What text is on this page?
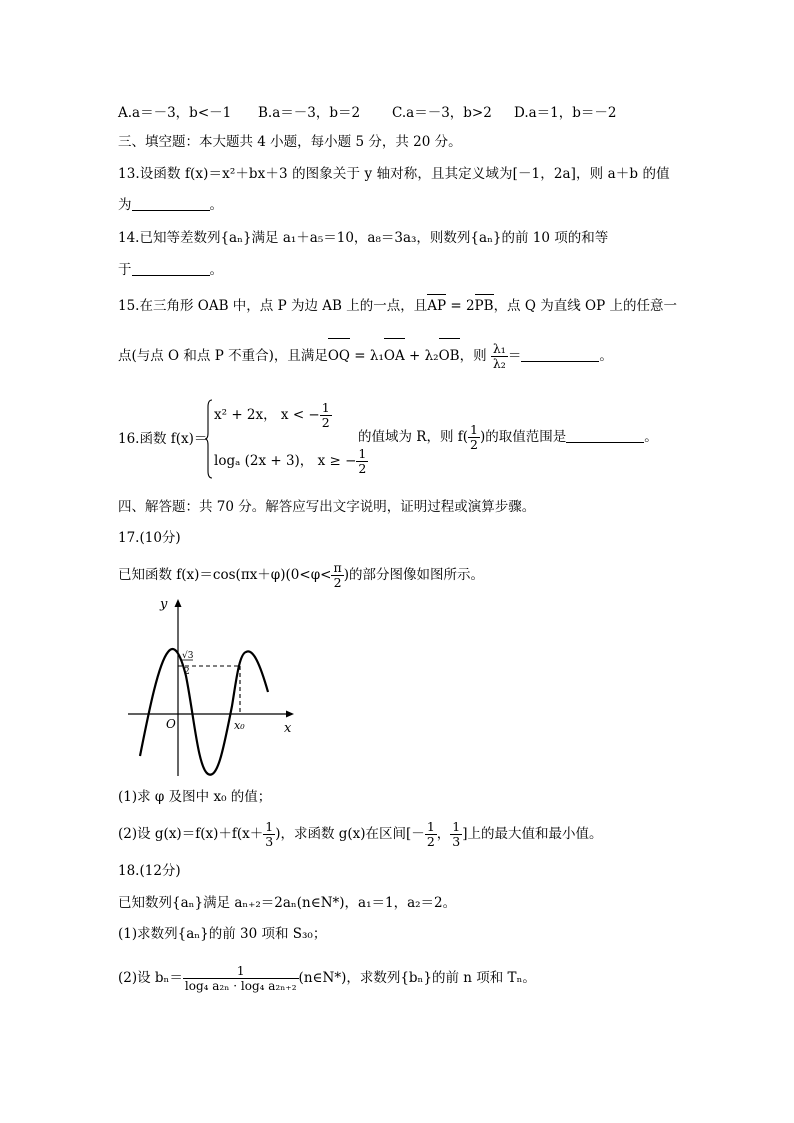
A.a＝－3，b<－1 B.a＝－3，b＝2 C.a＝－3，b>2 D.a＝1，b＝－2
三、填空题：本大题共 4 小题，每小题 5 分，共 20 分。
13.设函数 f(x)＝x²＋bx＋3 的图象关于 y 轴对称，且其定义域为[－1，2a]，则 a＋b 的值
为	。
14.已知等差数列{aₙ}满足 a₁＋a₅＝10，a₈＝3a₃，则数列{aₙ}的前 10 项的和等
于	。
15.在三角形 OAB 中，点 P 为边 AB 上的一点，且AP = 2PB，点 Q 为直线 OP 上的任意一
点(与点 O 和点 P 不重合)，且满足OQ = λ₁OA + λ₂OB，则 $\frac{\text{λ₁}}{\text{λ₂}}$ ＝	。
16.函数 f(x)＝
x² + 2x， x < − $\frac{1}{2}$
logₐ (2x + 3)， x ≥ − $\frac{1}{2}$
的值域为 R，则 $f( \frac{1}{2}$ )的取值范围是	。
四、解答题：共 70 分。解答应写出文字说明，证明过程或演算步骤。
17.(10分)
已知函数 $f(x)=\cos(\pi x+\varphi)(0<\varphi< \frac{\pi}{2}$ )的部分图像如图所示。
y
x
O	x₀
√3
2
(1)求 φ 及图中 x₀ 的值；
(2)设 $g(x)=f(x)+f(x+ \frac{1}{3}$ )，求函数 g(x)在区间[－ $\frac{1}{2}$ ， $\frac{1}{3}$ ]上的最大值和最小值。
18.(12分)
已知数列{aₙ}满足 aₙ₊₂＝2aₙ(n∈N*)，a₁＝1，a₂＝2。
(1)求数列{aₙ}的前 30 项和 S₃₀；
(2)设 $b_n= \frac{1}{\text{log₄ a₂ₙ · log₄ a₂ₙ₊₂}}$ (n∈N*)，求数列{bₙ}的前 n 项和 Tₙ。
